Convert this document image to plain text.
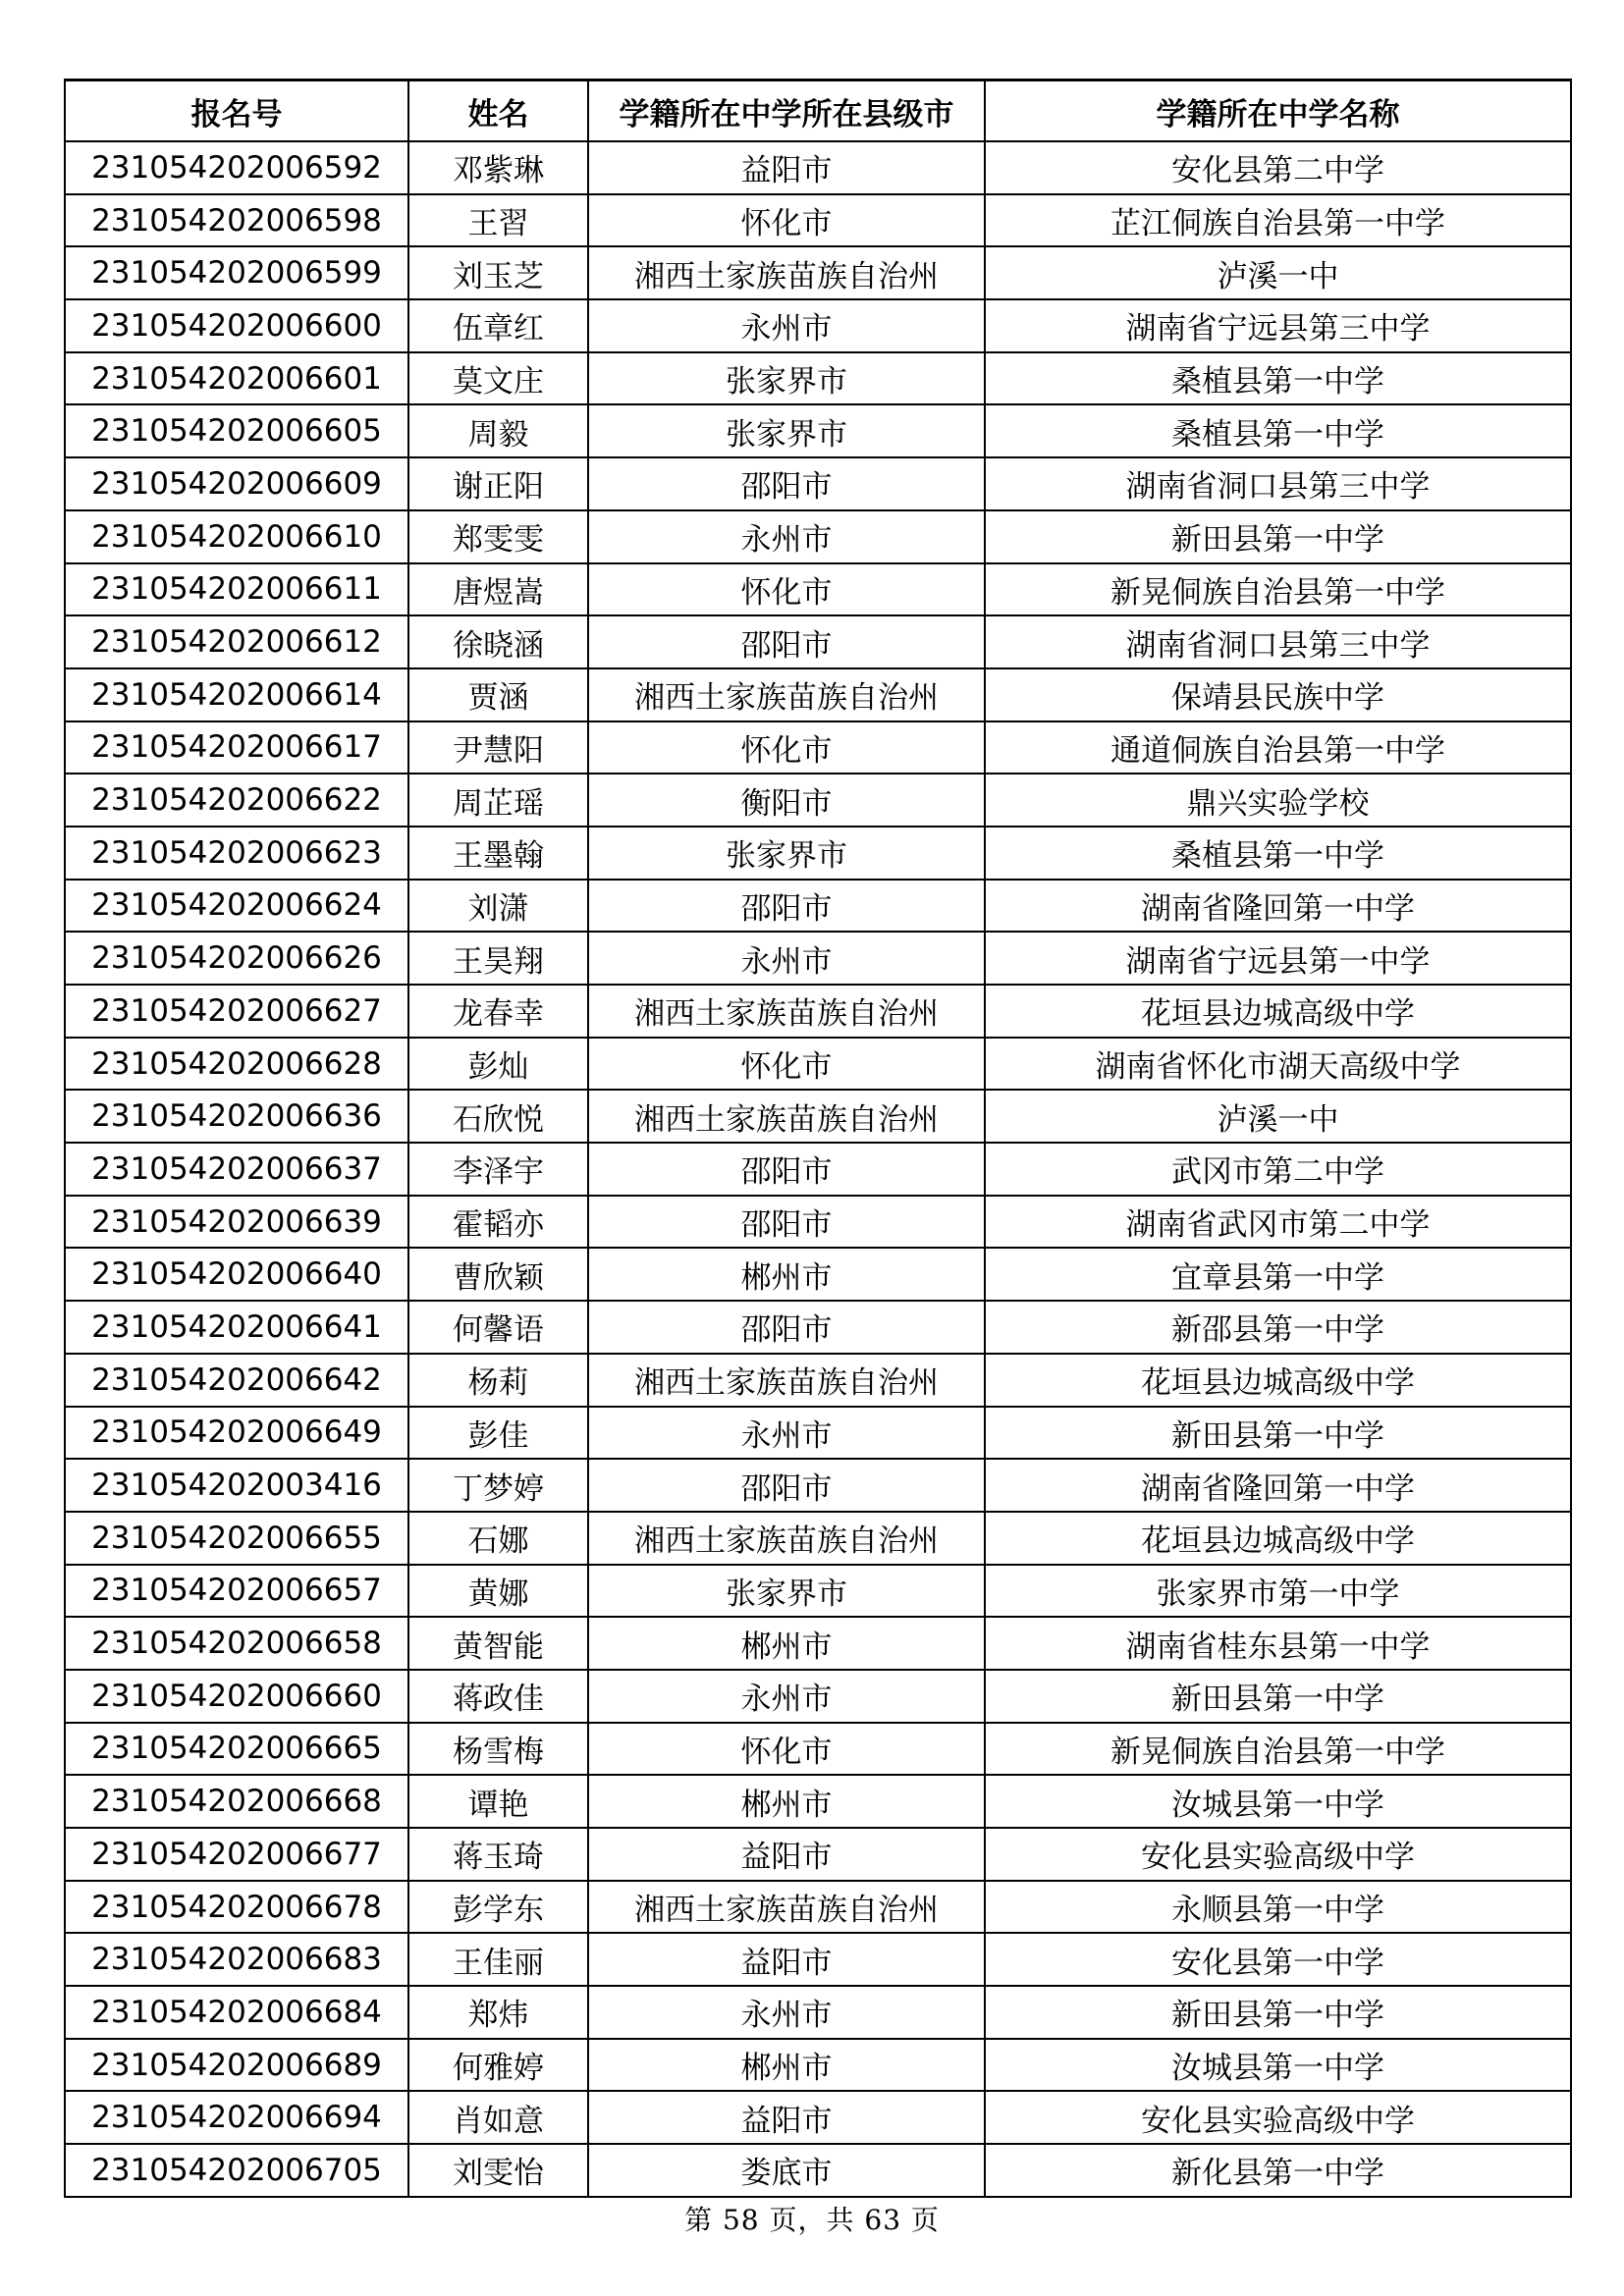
报名号	姓名	学籍所在中学所在县级市	学籍所在中学名称
231054202006592	邓紫琳	益阳市	安化县第二中学
231054202006598	王習	怀化市	芷江侗族自治县第一中学
231054202006599	刘玉芝	湘西土家族苗族自治州	泸溪一中
231054202006600	伍章红	永州市	湖南省宁远县第三中学
231054202006601	莫文庄	张家界市	桑植县第一中学
231054202006605	周毅	张家界市	桑植县第一中学
231054202006609	谢正阳	邵阳市	湖南省洞口县第三中学
231054202006610	郑雯雯	永州市	新田县第一中学
231054202006611	唐煜嵩	怀化市	新晃侗族自治县第一中学
231054202006612	徐晓涵	邵阳市	湖南省洞口县第三中学
231054202006614	贾涵	湘西土家族苗族自治州	保靖县民族中学
231054202006617	尹慧阳	怀化市	通道侗族自治县第一中学
231054202006622	周芷瑶	衡阳市	鼎兴实验学校
231054202006623	王墨翰	张家界市	桑植县第一中学
231054202006624	刘潇	邵阳市	湖南省隆回第一中学
231054202006626	王昊翔	永州市	湖南省宁远县第一中学
231054202006627	龙春幸	湘西土家族苗族自治州	花垣县边城高级中学
231054202006628	彭灿	怀化市	湖南省怀化市湖天高级中学
231054202006636	石欣悦	湘西土家族苗族自治州	泸溪一中
231054202006637	李泽宇	邵阳市	武冈市第二中学
231054202006639	霍韬亦	邵阳市	湖南省武冈市第二中学
231054202006640	曹欣颖	郴州市	宜章县第一中学
231054202006641	何馨语	邵阳市	新邵县第一中学
231054202006642	杨莉	湘西土家族苗族自治州	花垣县边城高级中学
231054202006649	彭佳	永州市	新田县第一中学
231054202003416	丁梦婷	邵阳市	湖南省隆回第一中学
231054202006655	石娜	湘西土家族苗族自治州	花垣县边城高级中学
231054202006657	黄娜	张家界市	张家界市第一中学
231054202006658	黄智能	郴州市	湖南省桂东县第一中学
231054202006660	蒋政佳	永州市	新田县第一中学
231054202006665	杨雪梅	怀化市	新晃侗族自治县第一中学
231054202006668	谭艳	郴州市	汝城县第一中学
231054202006677	蒋玉琦	益阳市	安化县实验高级中学
231054202006678	彭学东	湘西土家族苗族自治州	永顺县第一中学
231054202006683	王佳丽	益阳市	安化县第一中学
231054202006684	郑炜	永州市	新田县第一中学
231054202006689	何雅婷	郴州市	汝城县第一中学
231054202006694	肖如意	益阳市	安化县实验高级中学
231054202006705	刘雯怡	娄底市	新化县第一中学
第 58 页，共 63 页
